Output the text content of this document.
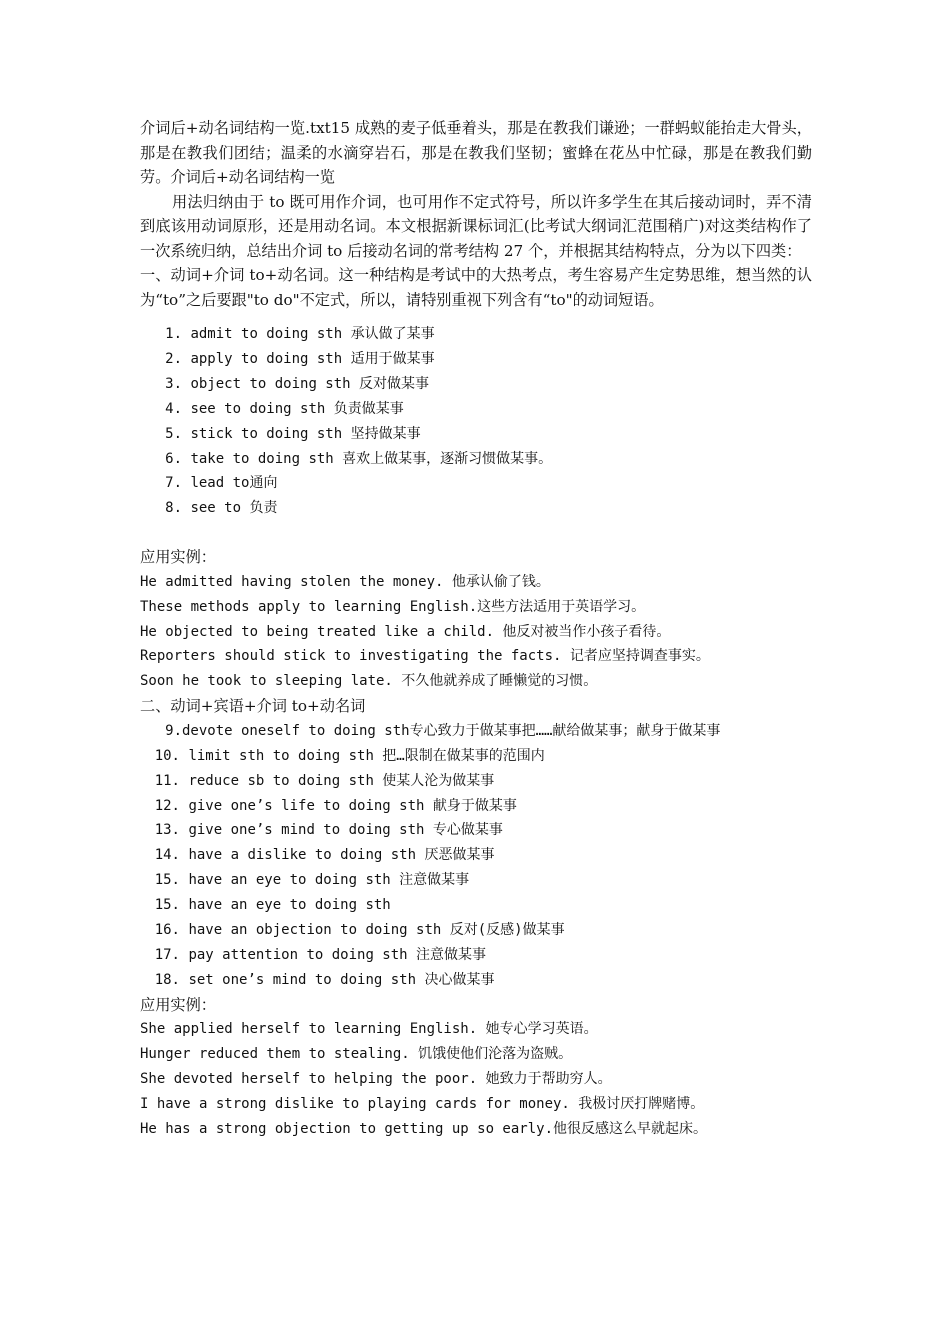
介词后+动名词结构一览.txt15 成熟的麦子低垂着头，那是在教我们谦逊；一群蚂蚁能抬走大骨头，那是在教我们团结；温柔的水滴穿岩石，那是在教我们坚韧；蜜蜂在花丛中忙碌，那是在教我们勤劳。介词后+动名词结构一览

用法归纳由于 to 既可用作介词，也可用作不定式符号，所以许多学生在其后接动词时，弄不清到底该用动词原形，还是用动名词。本文根据新课标词汇(比考试大纲词汇范围稍广)对这类结构作了一次系统归纳，总结出介词 to 后接动名词的常考结构 27 个，并根据其结构特点，分为以下四类：

一、动词+介词 to+动名词。这一种结构是考试中的大热考点，考生容易产生定势思维，想当然的认为“to”之后要跟"to do"不定式，所以，请特别重视下列含有“to"的动词短语。

1. admit to doing sth 承认做了某事
2. apply to doing sth 适用于做某事
3. object to doing sth 反对做某事
4. see to doing sth 负责做某事
5. stick to doing sth 坚持做某事
6. take to doing sth 喜欢上做某事，逐渐习惯做某事。
7. lead to通向
8. see to 负责

应用实例：

He admitted having stolen the money. 他承认偷了钱。

These methods apply to learning English.这些方法适用于英语学习。

He objected to being treated like a child. 他反对被当作小孩子看待。

Reporters should stick to investigating the facts. 记者应坚持调查事实。

Soon he took to sleeping late. 不久他就养成了睡懒觉的习惯。

二、动词+宾语+介词 to+动名词

9.devote oneself to doing sth专心致力于做某事把……献给做某事；献身于做某事
10. limit sth to doing sth 把…限制在做某事的范围内
11. reduce sb to doing sth 使某人沦为做某事
12. give one’s life to doing sth 献身于做某事
13. give one’s mind to doing sth 专心做某事
14. have a dislike to doing sth 厌恶做某事
15. have an eye to doing sth 注意做某事
15. have an eye to doing sth
16. have an objection to doing sth 反对(反感)做某事
17. pay attention to doing sth 注意做某事
18. set one’s mind to doing sth 决心做某事

应用实例：

She applied herself to learning English. 她专心学习英语。

Hunger reduced them to stealing. 饥饿使他们沦落为盗贼。

She devoted herself to helping the poor. 她致力于帮助穷人。

I have a strong dislike to playing cards for money. 我极讨厌打牌赌博。

He has a strong objection to getting up so early.他很反感这么早就起床。
